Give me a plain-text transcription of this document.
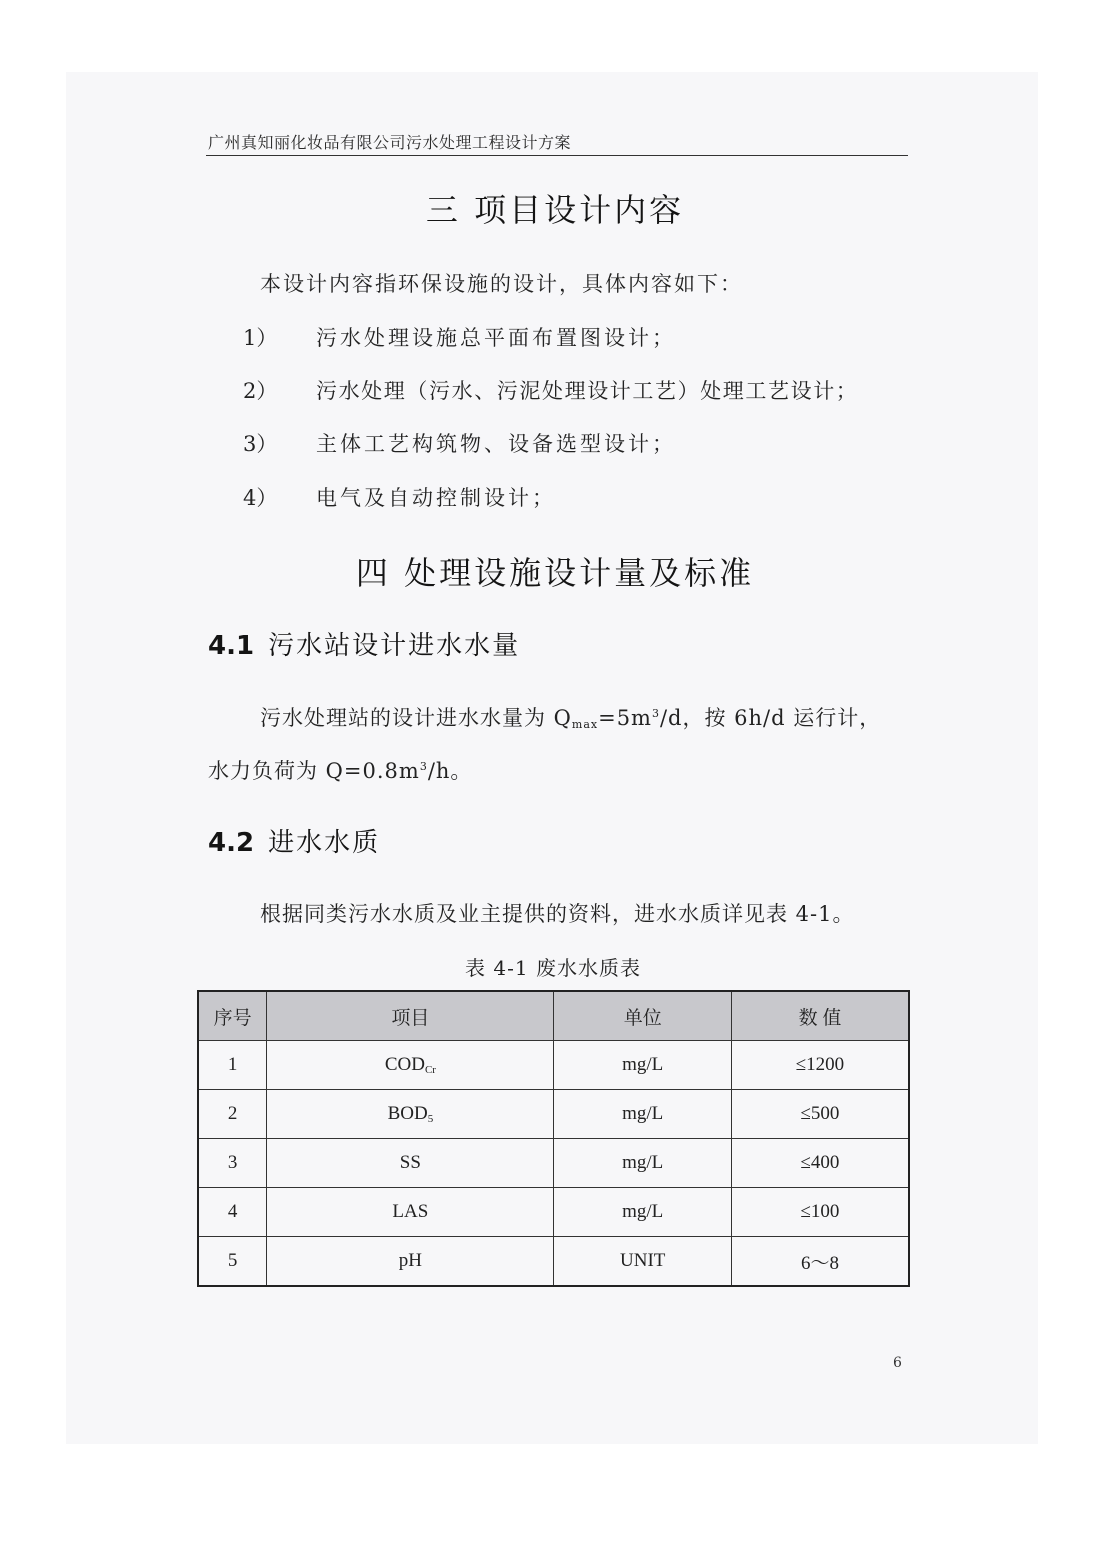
广州真知丽化妆品有限公司污水处理工程设计方案
三 项目设计内容
本设计内容指环保设施的设计，具体内容如下：
1） 污水处理设施总平面布置图设计；
2） 污水处理（污水、污泥处理设计工艺）处理工艺设计；
3） 主体工艺构筑物、设备选型设计；
4） 电气及自动控制设计；
四 处理设施设计量及标准
4.1 污水站设计进水水量
污水处理站的设计进水水量为 $Q_{max}=5m^3/d$，按 6h/d 运行计，
水力负荷为 $Q=0.8m^3/h$。
4.2 进水水质
根据同类污水水质及业主提供的资料，进水水质详见表 4-1。
表 4-1 废水水质表
序号	项目	单位	数 值
1	$COD_{Cr}$	mg/L	≤1200
2	$BOD_5$	mg/L	≤500
3	SS	mg/L	≤400
4	LAS	mg/L	≤100
5	pH	UNIT	6～8
6
